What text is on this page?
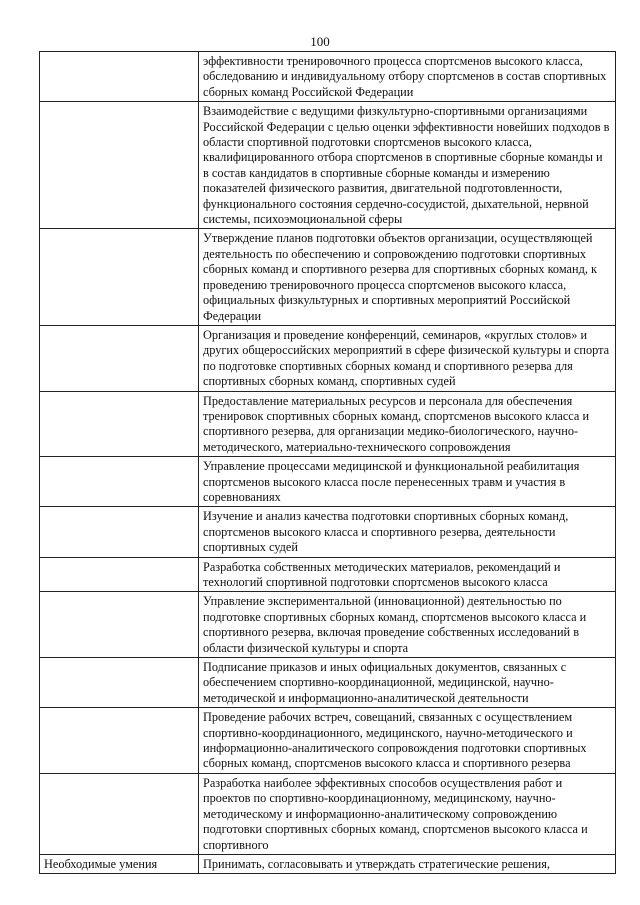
100
	эффективности тренировочного процесса спортсменов высокого класса, обследованию и индивидуальному отбору спортсменов в состав спортивных сборных команд Российской Федерации
	Взаимодействие с ведущими физкультурно-спортивными организациями Российской Федерации с целью оценки эффективности новейших подходов в области спортивной подготовки спортсменов высокого класса, квалифицированного отбора спортсменов в спортивные сборные команды и в состав кандидатов в спортивные сборные команды и измерению показателей физического развития, двигательной подготовленности, функционального состояния сердечно-сосудистой, дыхательной, нервной системы, психоэмоциональной сферы
	Утверждение планов подготовки объектов организации, осуществляющей деятельность по обеспечению и сопровождению подготовки спортивных сборных команд и спортивного резерва для спортивных сборных команд, к проведению тренировочного процесса спортсменов высокого класса, официальных физкультурных и спортивных мероприятий Российской Федерации
	Организация и проведение конференций, семинаров, «круглых столов» и других общероссийских мероприятий в сфере физической культуры и спорта по подготовке спортивных сборных команд и спортивного резерва для спортивных сборных команд, спортивных судей
	Предоставление материальных ресурсов и персонала для обеспечения тренировок спортивных сборных команд, спортсменов высокого класса и спортивного резерва, для организации медико-биологического, научно-методического, материально-технического сопровождения
	Управление процессами медицинской и функциональной реабилитация спортсменов высокого класса после перенесенных травм и участия в соревнованиях
	Изучение и анализ качества подготовки спортивных сборных команд, спортсменов высокого класса и спортивного резерва, деятельности спортивных судей
	Разработка собственных методических материалов, рекомендаций и технологий спортивной подготовки спортсменов высокого класса
	Управление экспериментальной (инновационной) деятельностью по подготовке спортивных сборных команд, спортсменов высокого класса и спортивного резерва, включая проведение собственных исследований в области физической культуры и спорта
	Подписание приказов и иных официальных документов, связанных с обеспечением спортивно-координационной, медицинской, научно-методической и информационно-аналитической деятельности
	Проведение рабочих встреч, совещаний, связанных с осуществлением спортивно-координационного, медицинского, научно-методического и информационно-аналитического сопровождения подготовки спортивных сборных команд, спортсменов высокого класса и спортивного резерва
	Разработка наиболее эффективных способов осуществления работ и проектов по спортивно-координационному, медицинскому, научно-методическому и информационно-аналитическому сопровождению подготовки спортивных сборных команд, спортсменов высокого класса и спортивного
Необходимые умения	Принимать, согласовывать и утверждать стратегические решения,
